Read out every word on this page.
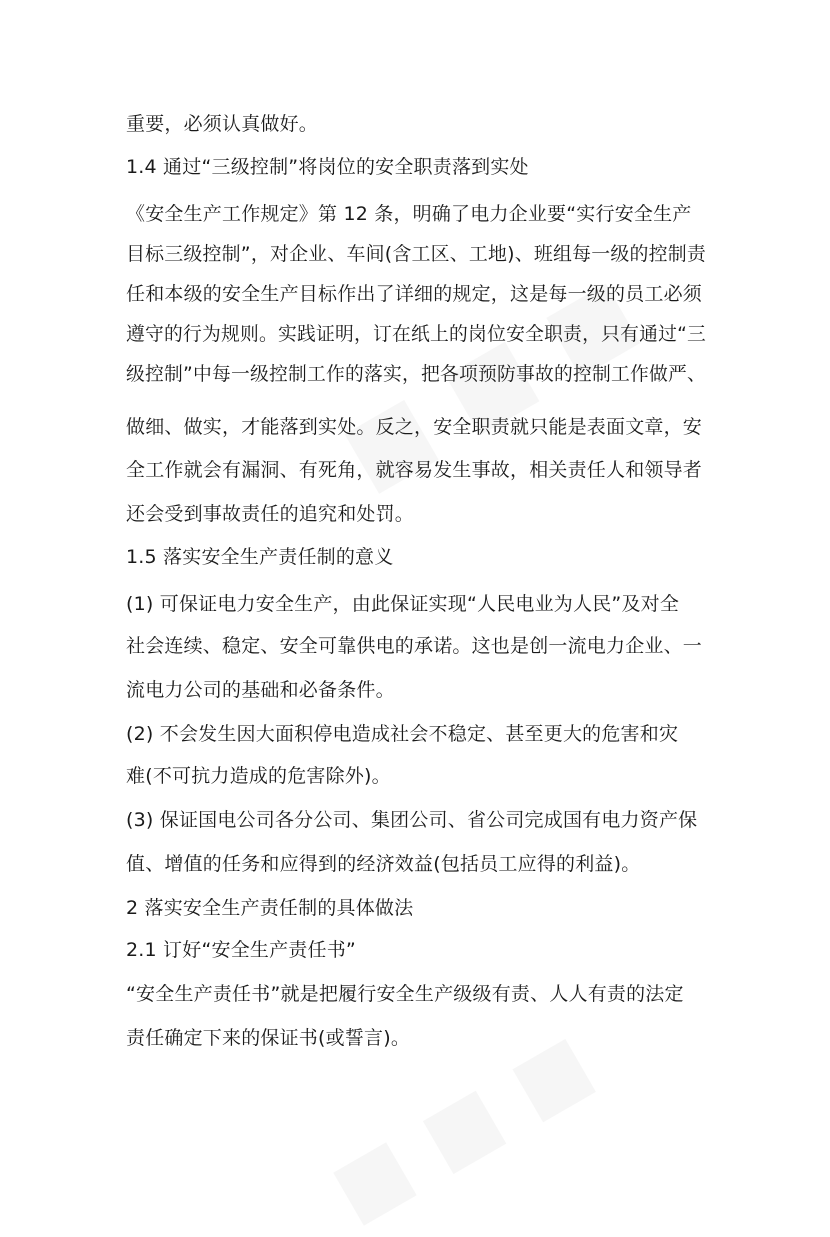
重要，必须认真做好。
1.4 通过“三级控制”将岗位的安全职责落到实处
《安全生产工作规定》第 12 条，明确了电力企业要“实行安全生产
目标三级控制”，对企业、车间(含工区、工地)、班组每一级的控制责
任和本级的安全生产目标作出了详细的规定，这是每一级的员工必须
遵守的行为规则。实践证明，订在纸上的岗位安全职责，只有通过“三
级控制”中每一级控制工作的落实，把各项预防事故的控制工作做严、
做细、做实，才能落到实处。反之，安全职责就只能是表面文章，安
全工作就会有漏洞、有死角，就容易发生事故，相关责任人和领导者
还会受到事故责任的追究和处罚。
1.5 落实安全生产责任制的意义
(1) 可保证电力安全生产，由此保证实现“人民电业为人民”及对全
社会连续、稳定、安全可靠供电的承诺。这也是创一流电力企业、一
流电力公司的基础和必备条件。
(2) 不会发生因大面积停电造成社会不稳定、甚至更大的危害和灾
难(不可抗力造成的危害除外)。
(3) 保证国电公司各分公司、集团公司、省公司完成国有电力资产保
值、增值的任务和应得到的经济效益(包括员工应得的利益)。
2 落实安全生产责任制的具体做法
2.1 订好“安全生产责任书”
“安全生产责任书”就是把履行安全生产级级有责、人人有责的法定
责任确定下来的保证书(或誓言)。
